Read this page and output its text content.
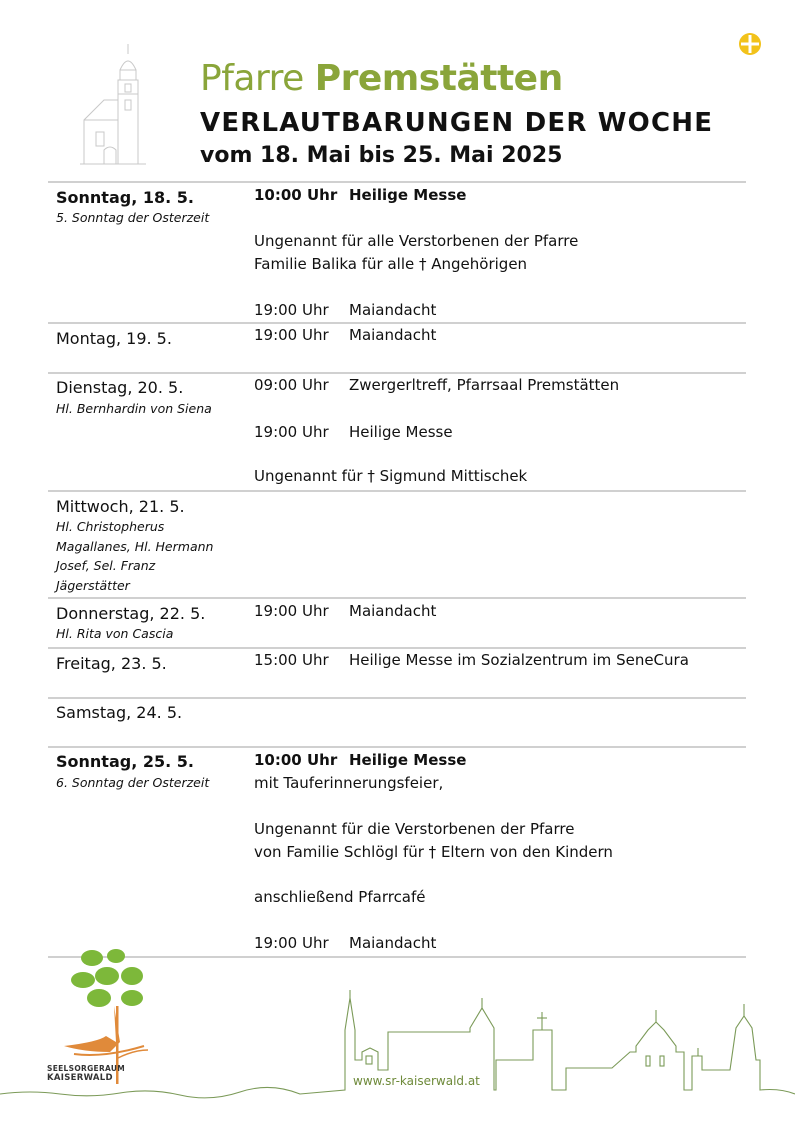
Pfarre Premstätten
VERLAUTBARUNGEN DER WOCHE
vom 18. Mai bis 25. Mai 2025
Sonntag, 18. 5.
5. Sonntag der Osterzeit
10:00 Uhr Heilige Messe
Ungenannt für alle Verstorbenen der Pfarre
Familie Balika für alle † Angehörigen
19:00 Uhr Maiandacht
Montag, 19. 5.	19:00 Uhr Maiandacht
Dienstag, 20. 5.
Hl. Bernhardin von Siena
09:00 Uhr Zwergerltreff, Pfarrsaal Premstätten
19:00 Uhr Heilige Messe
Ungenannt für † Sigmund Mittischek
Mittwoch, 21. 5.
Hl. Christopherus
Magallanes, Hl. Hermann
Josef, Sel. Franz
Jägerstätter
Donnerstag, 22. 5.
Hl. Rita von Cascia
19:00 Uhr Maiandacht
Freitag, 23. 5.	15:00 Uhr Heilige Messe im Sozialzentrum im SeneCura
Samstag, 24. 5.
Sonntag, 25. 5.
6. Sonntag der Osterzeit
10:00 Uhr Heilige Messe
mit Tauferinnerungsfeier,
Ungenannt für die Verstorbenen der Pfarre
von Familie Schlögl für † Eltern von den Kindern
anschließend Pfarrcafé
19:00 Uhr Maiandacht
www.sr-kaiserwald.at
SEELSORGERAUM
KAISERWALD
